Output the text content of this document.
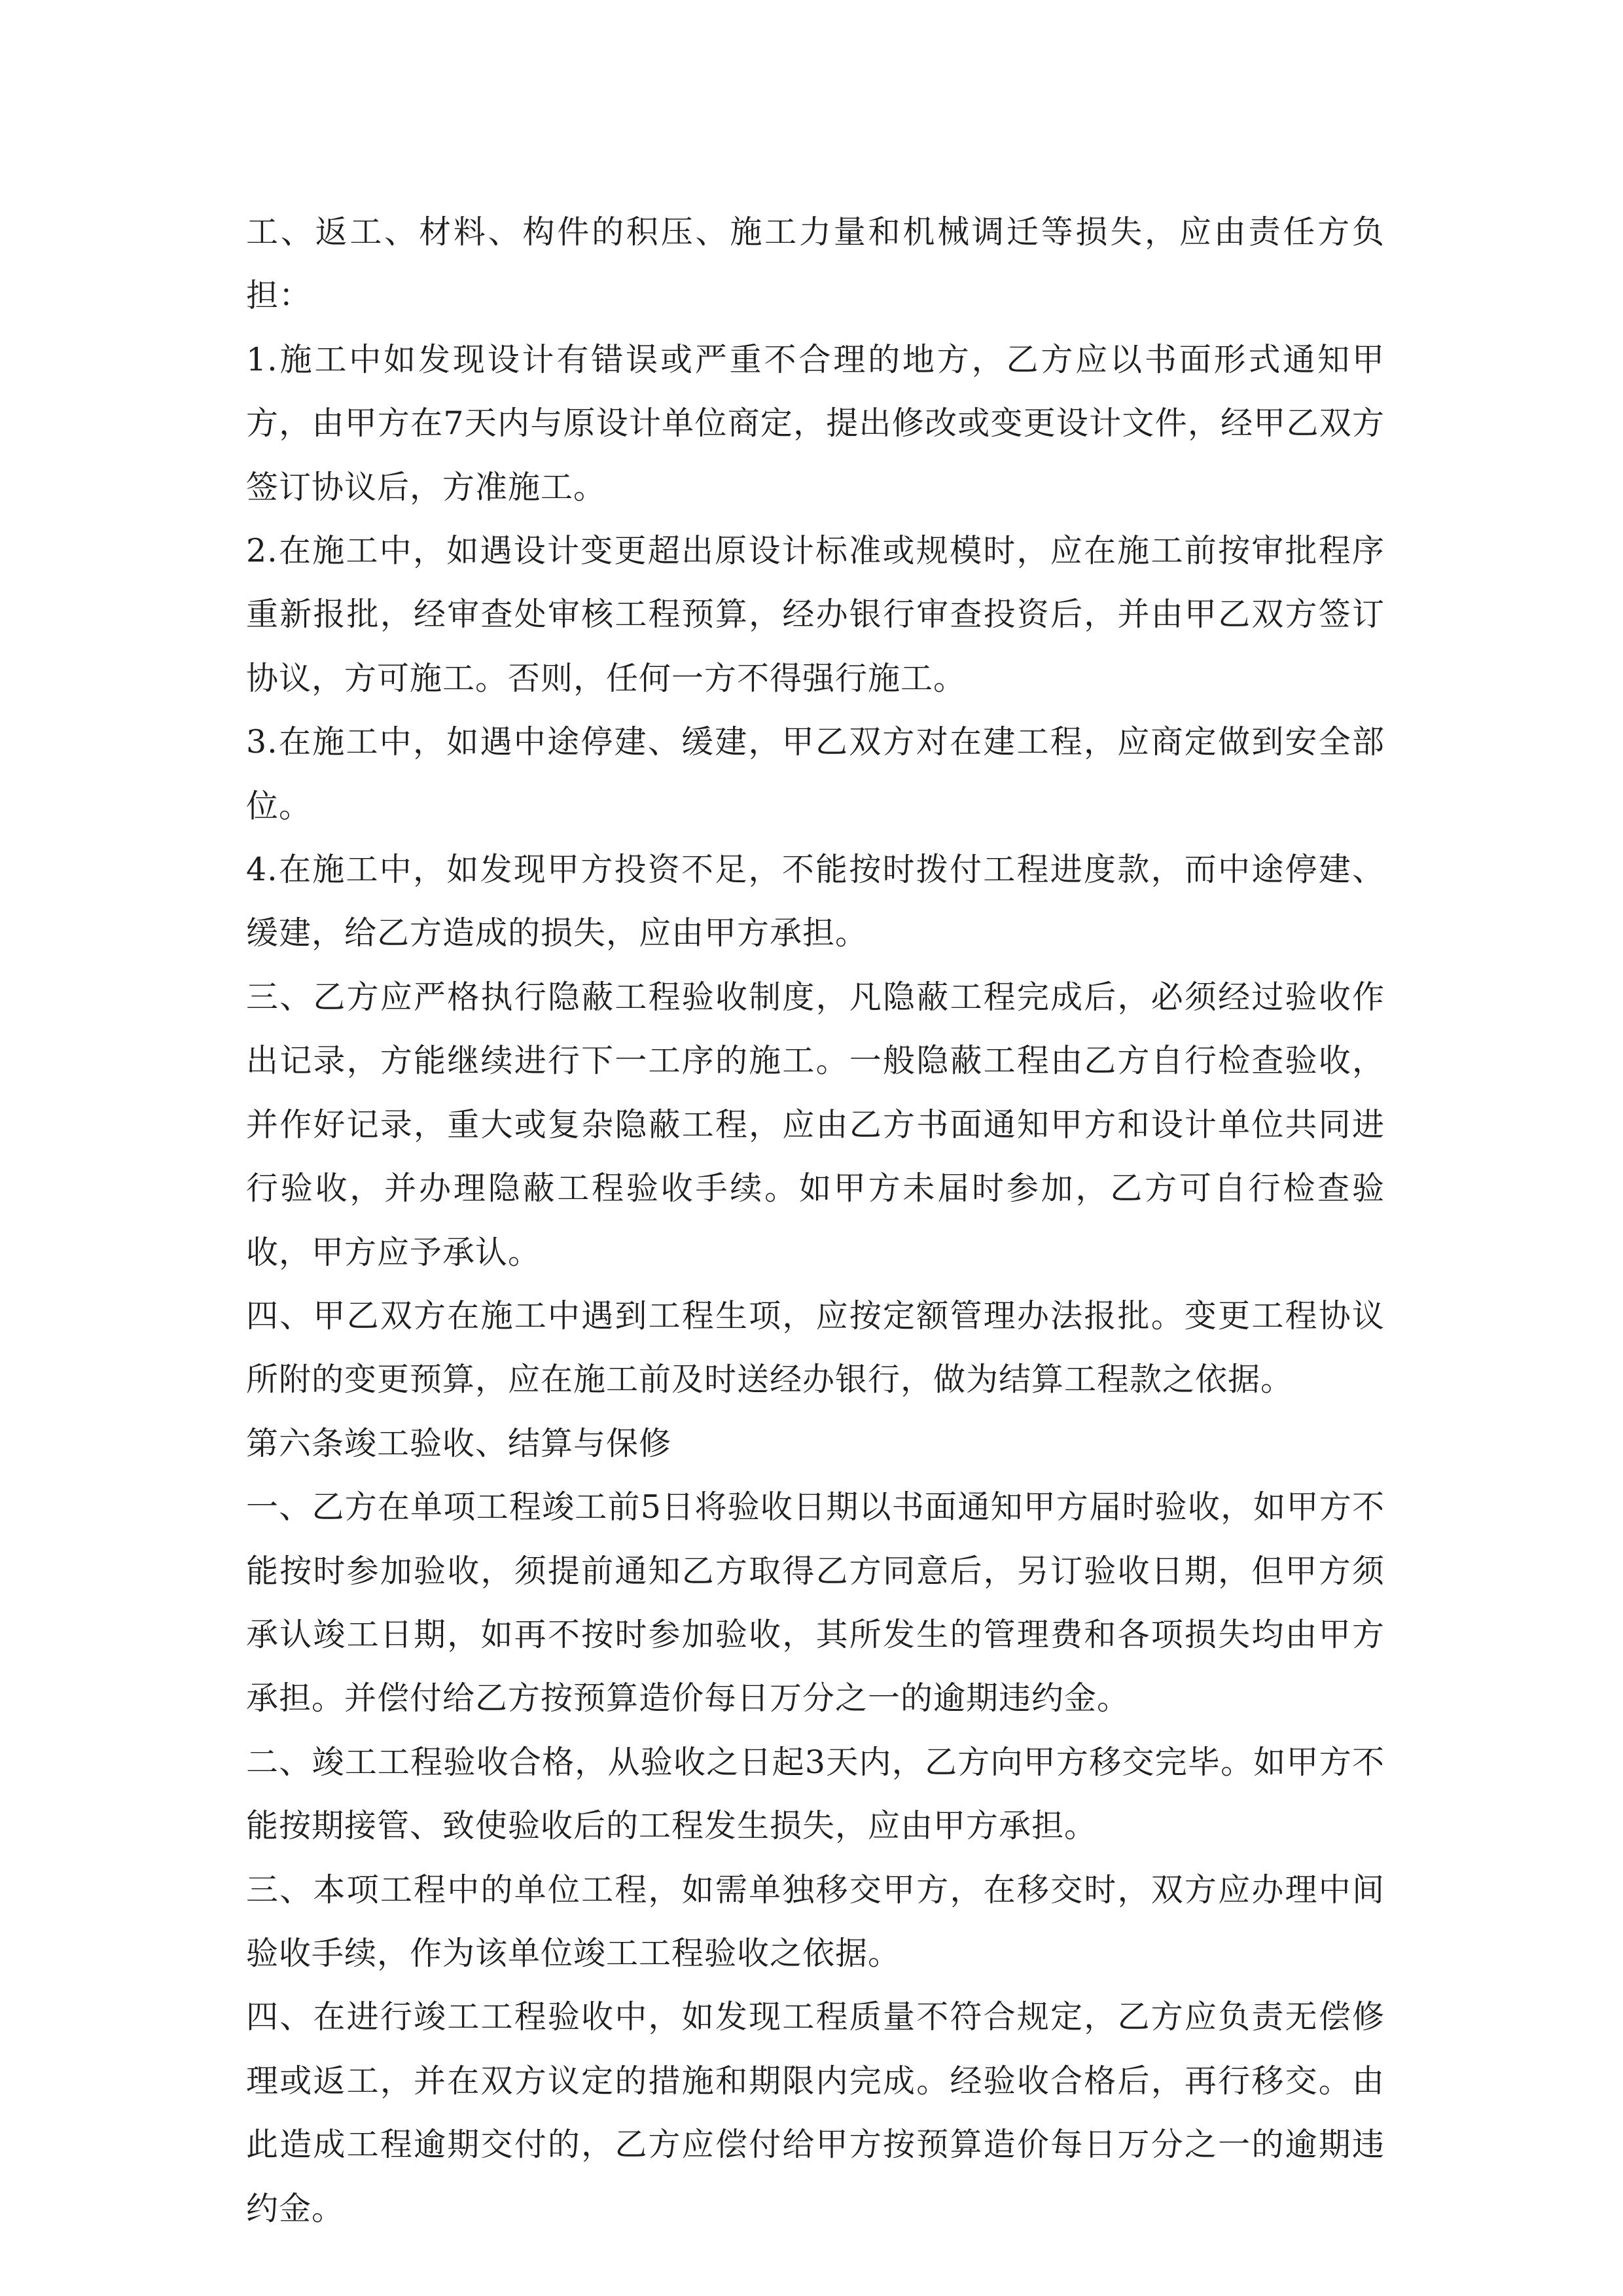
工、返工、材料、构件的积压、施工力量和机械调迁等损失，应由责任方负担：

1.施工中如发现设计有错误或严重不合理的地方，乙方应以书面形式通知甲方，由甲方在7天内与原设计单位商定，提出修改或变更设计文件，经甲乙双方签订协议后，方准施工。

2.在施工中，如遇设计变更超出原设计标准或规模时，应在施工前按审批程序重新报批，经审查处审核工程预算，经办银行审查投资后，并由甲乙双方签订协议，方可施工。否则，任何一方不得强行施工。

3.在施工中，如遇中途停建、缓建，甲乙双方对在建工程，应商定做到安全部位。

4.在施工中，如发现甲方投资不足，不能按时拨付工程进度款，而中途停建、缓建，给乙方造成的损失，应由甲方承担。

三、乙方应严格执行隐蔽工程验收制度，凡隐蔽工程完成后，必须经过验收作出记录，方能继续进行下一工序的施工。一般隐蔽工程由乙方自行检查验收，并作好记录，重大或复杂隐蔽工程，应由乙方书面通知甲方和设计单位共同进行验收，并办理隐蔽工程验收手续。如甲方未届时参加，乙方可自行检查验收，甲方应予承认。

四、甲乙双方在施工中遇到工程生项，应按定额管理办法报批。变更工程协议所附的变更预算，应在施工前及时送经办银行，做为结算工程款之依据。

第六条竣工验收、结算与保修

一、乙方在单项工程竣工前5日将验收日期以书面通知甲方届时验收，如甲方不能按时参加验收，须提前通知乙方取得乙方同意后，另订验收日期，但甲方须承认竣工日期，如再不按时参加验收，其所发生的管理费和各项损失均由甲方承担。并偿付给乙方按预算造价每日万分之一的逾期违约金。

二、竣工工程验收合格，从验收之日起3天内，乙方向甲方移交完毕。如甲方不能按期接管、致使验收后的工程发生损失，应由甲方承担。

三、本项工程中的单位工程，如需单独移交甲方，在移交时，双方应办理中间验收手续，作为该单位竣工工程验收之依据。

四、在进行竣工工程验收中，如发现工程质量不符合规定，乙方应负责无偿修理或返工，并在双方议定的措施和期限内完成。经验收合格后，再行移交。由此造成工程逾期交付的，乙方应偿付给甲方按预算造价每日万分之一的逾期违约金。
